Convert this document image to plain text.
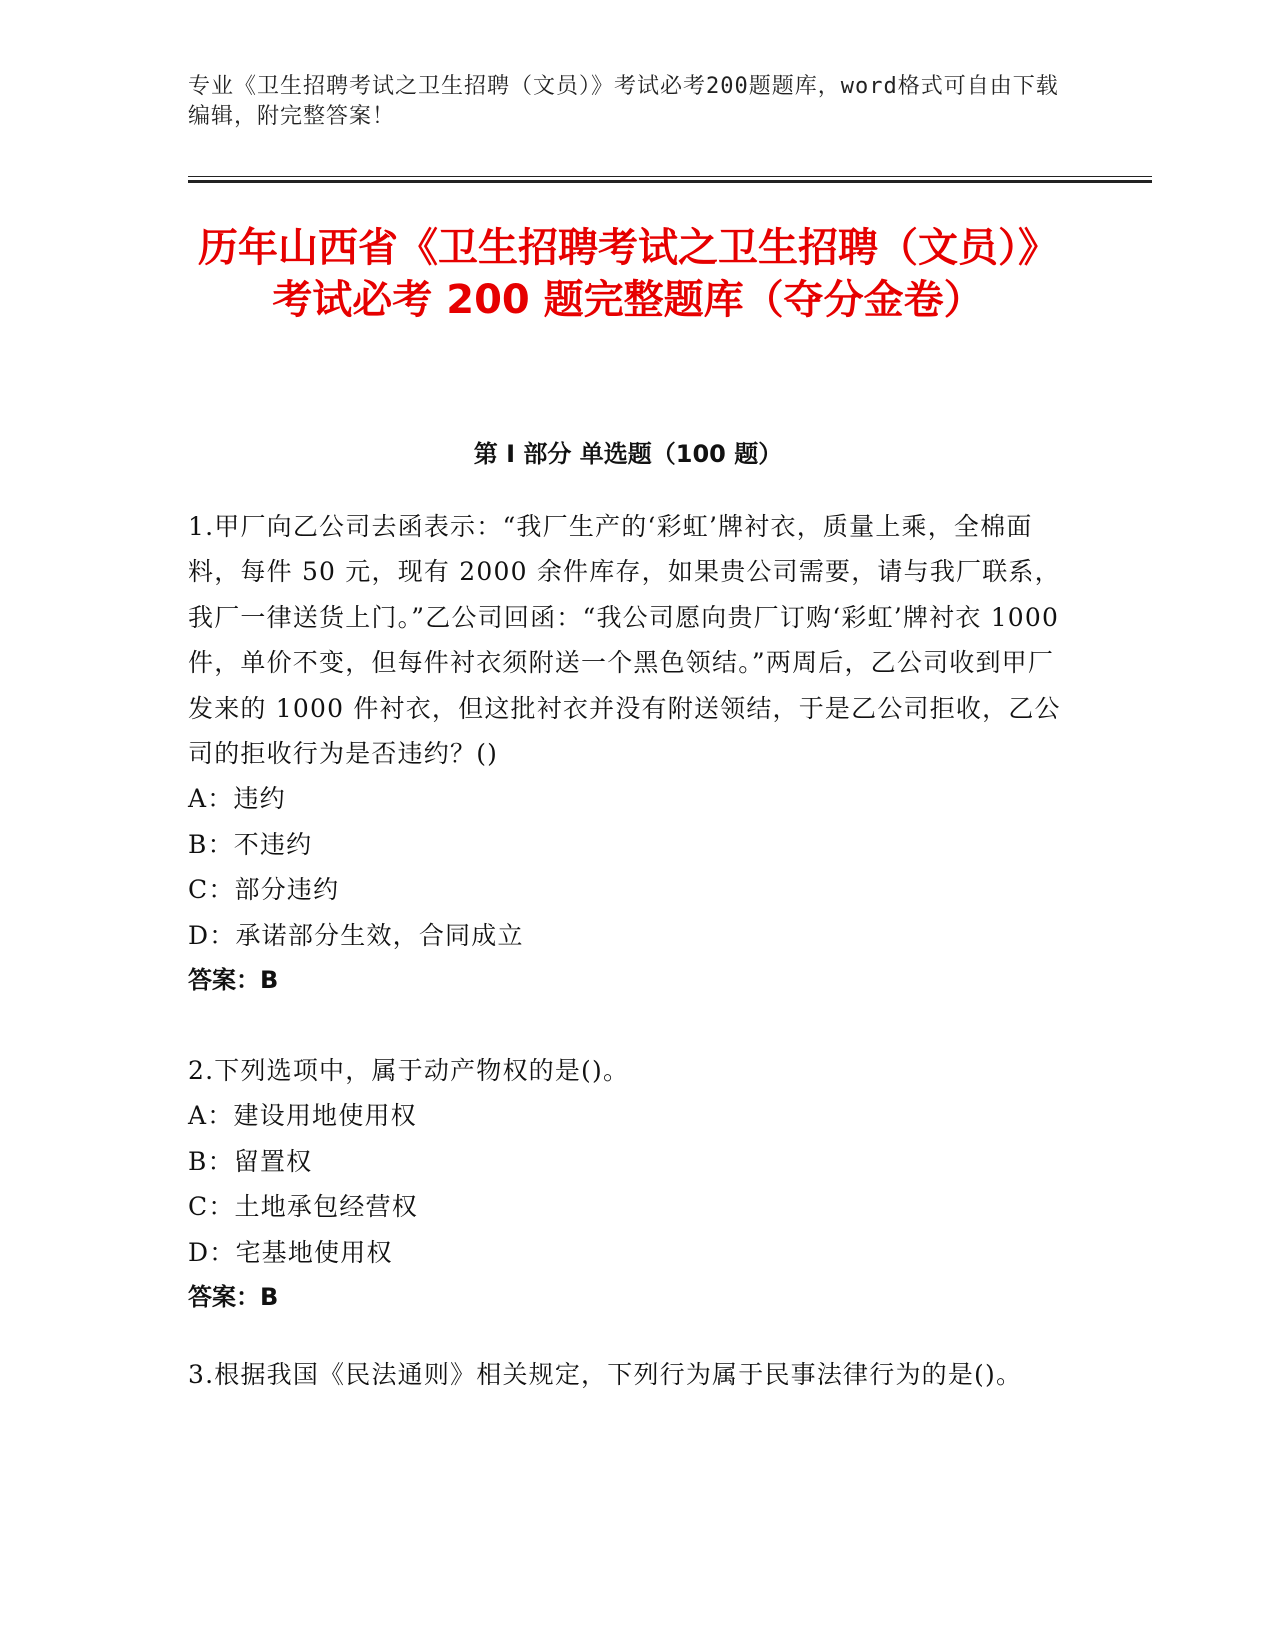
专业《卫生招聘考试之卫生招聘（文员）》考试必考200题题库，word格式可自由下载编辑，附完整答案！
历年山西省《卫生招聘考试之卫生招聘（文员）》考试必考 200 题完整题库（夺分金卷）
第 I 部分 单选题（100 题）
1.甲厂向乙公司去函表示：“我厂生产的‘彩虹’牌衬衣，质量上乘，全棉面料，每件 50 元，现有 2000 余件库存，如果贵公司需要，请与我厂联系，我厂一律送货上门。”乙公司回函：“我公司愿向贵厂订购‘彩虹’牌衬衣 1000 件，单价不变，但每件衬衣须附送一个黑色领结。”两周后，乙公司收到甲厂发来的 1000 件衬衣，但这批衬衣并没有附送领结，于是乙公司拒收，乙公司的拒收行为是否违约？()
A：违约
B：不违约
C：部分违约
D：承诺部分生效，合同成立
答案：B
2.下列选项中，属于动产物权的是()。
A：建设用地使用权
B：留置权
C：土地承包经营权
D：宅基地使用权
答案：B
3.根据我国《民法通则》相关规定，下列行为属于民事法律行为的是()。
